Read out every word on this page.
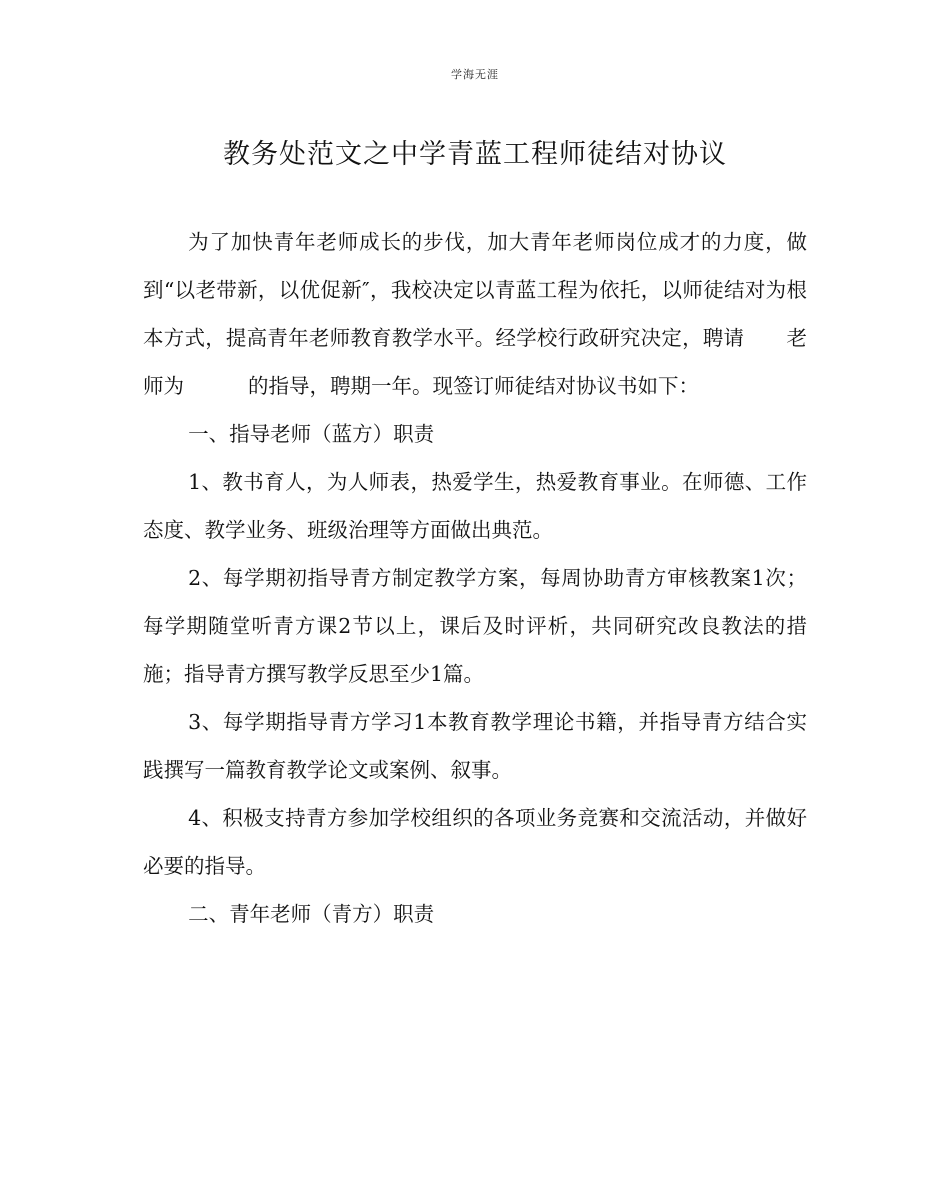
学海无涯
教务处范文之中学青蓝工程师徒结对协议

为了加快青年老师成长的步伐，加大青年老师岗位成才的力度，做到“以老带新，以优促新″，我校决定以青蓝工程为依托，以师徒结对为根本方式，提高青年老师教育教学水平。经学校行政研究决定，聘请 老师为	的指导，聘期一年。现签订师徒结对协议书如下：

一、指导老师（蓝方）职责

1、教书育人，为人师表，热爱学生，热爱教育事业。在师德、工作态度、教学业务、班级治理等方面做出典范。

2、每学期初指导青方制定教学方案，每周协助青方审核教案1次；每学期随堂听青方课2节以上，课后及时评析，共同研究改良教法的措施；指导青方撰写教学反思至少1篇。

3、每学期指导青方学习1本教育教学理论书籍，并指导青方结合实践撰写一篇教育教学论文或案例、叙事。

4、积极支持青方参加学校组织的各项业务竞赛和交流活动，并做好必要的指导。

二、青年老师（青方）职责
